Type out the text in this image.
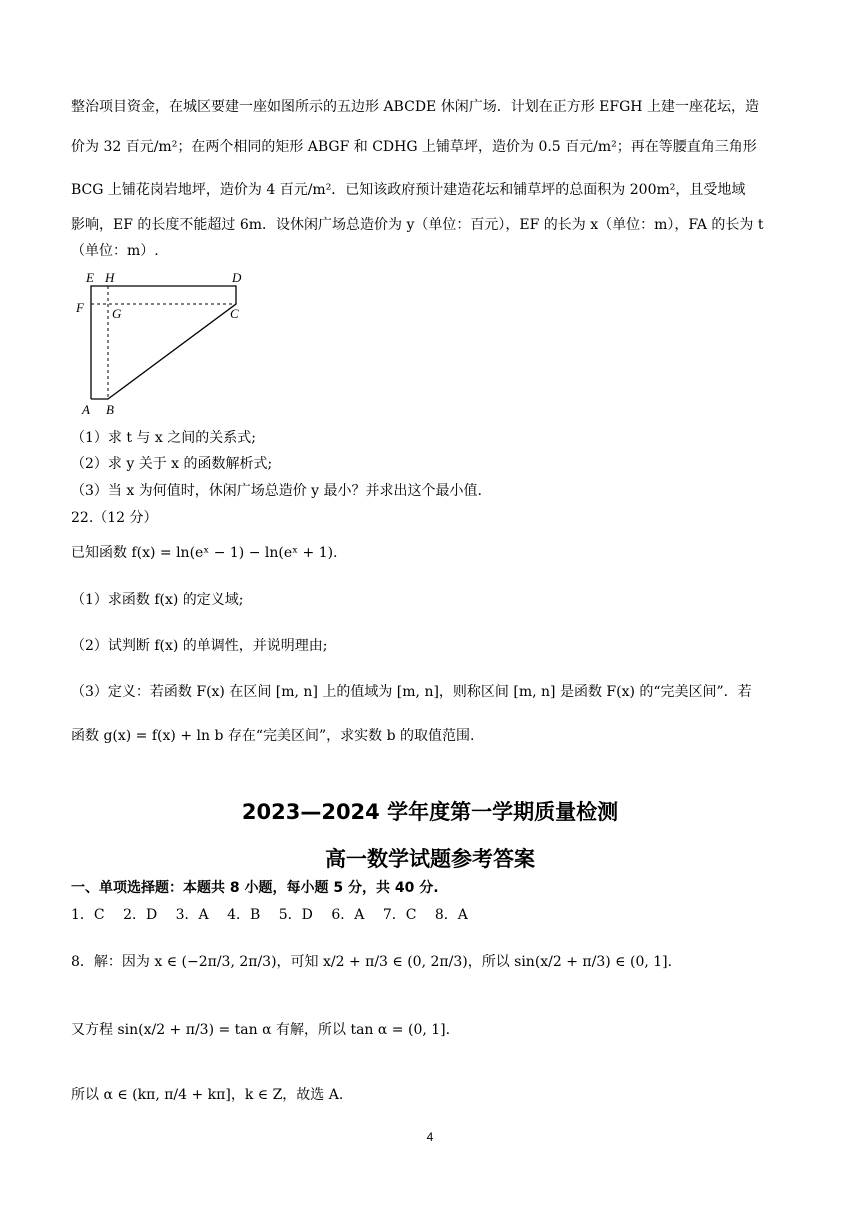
整治项目资金，在城区要建一座如图所示的五边形 ABCDE 休闲广场．计划在正方形 EFGH 上建一座花坛，造
价为 32 百元/m²；在两个相同的矩形 ABGF 和 CDHG 上铺草坪，造价为 0.5 百元/m²；再在等腰直角三角形
BCG 上铺花岗岩地坪，造价为 4 百元/m²．已知该政府预计建造花坛和铺草坪的总面积为 200m²，且受地域
影响，EF 的长度不能超过 6m．设休闲广场总造价为 y（单位：百元），EF 的长为 x（单位：m），FA 的长为 t
（单位：m）.
E H	D
F G	C
A B
（1）求 t 与 x 之间的关系式;
（2）求 y 关于 x 的函数解析式;
（3）当 x 为何值时，休闲广场总造价 y 最小？并求出这个最小值.
22.（12 分）
已知函数 f(x) = ln(eˣ − 1) − ln(eˣ + 1).
（1）求函数 f(x) 的定义域;
（2）试判断 f(x) 的单调性，并说明理由;
（3）定义：若函数 F(x) 在区间 [m, n] 上的值域为 [m, n]，则称区间 [m, n] 是函数 F(x) 的“完美区间”．若
函数 g(x) = f(x) + ln b 存在“完美区间”，求实数 b 的取值范围.
2023—2024 学年度第一学期质量检测
高一数学试题参考答案
一、单项选择题：本题共 8 小题，每小题 5 分，共 40 分.
1．C　 2．D　 3．A　 4．B　 5．D　 6．A　 7．C　 8．A
8．解：因为 x ∈ (−2π/3, 2π/3)，可知 x/2 + π/3 ∈ (0, 2π/3)，所以 sin(x/2 + π/3) ∈ (0, 1].
又方程 sin(x/2 + π/3) = tan α 有解，所以 tan α = (0, 1].
所以 α ∈ (kπ, π/4 + kπ]，k ∈ Z，故选 A.
4
